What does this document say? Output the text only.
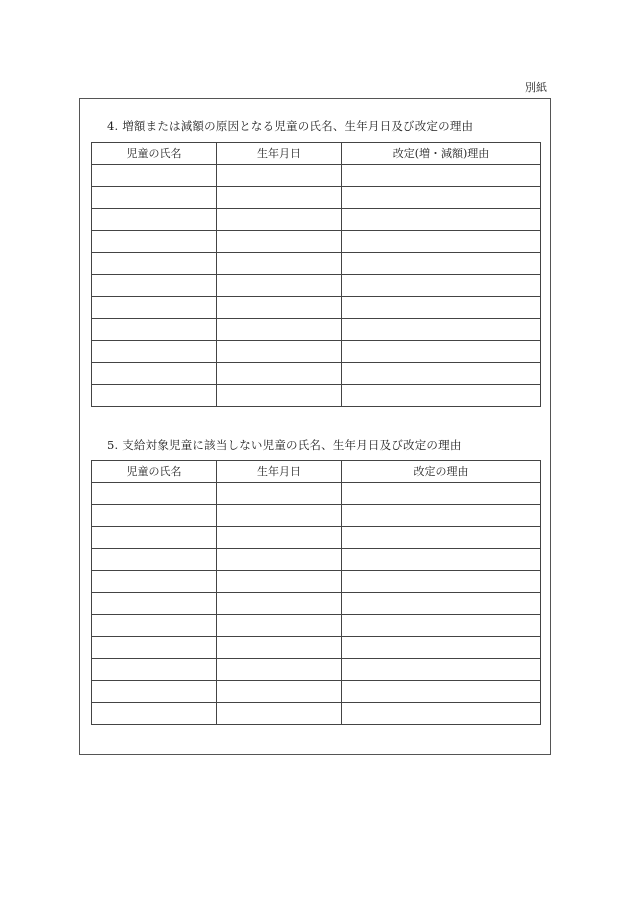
別紙
4. 増額または減額の原因となる児童の氏名、生年月日及び改定の理由
児童の氏名	生年月日	改定(増・減額)理由

5. 支給対象児童に該当しない児童の氏名、生年月日及び改定の理由
児童の氏名	生年月日	改定の理由
